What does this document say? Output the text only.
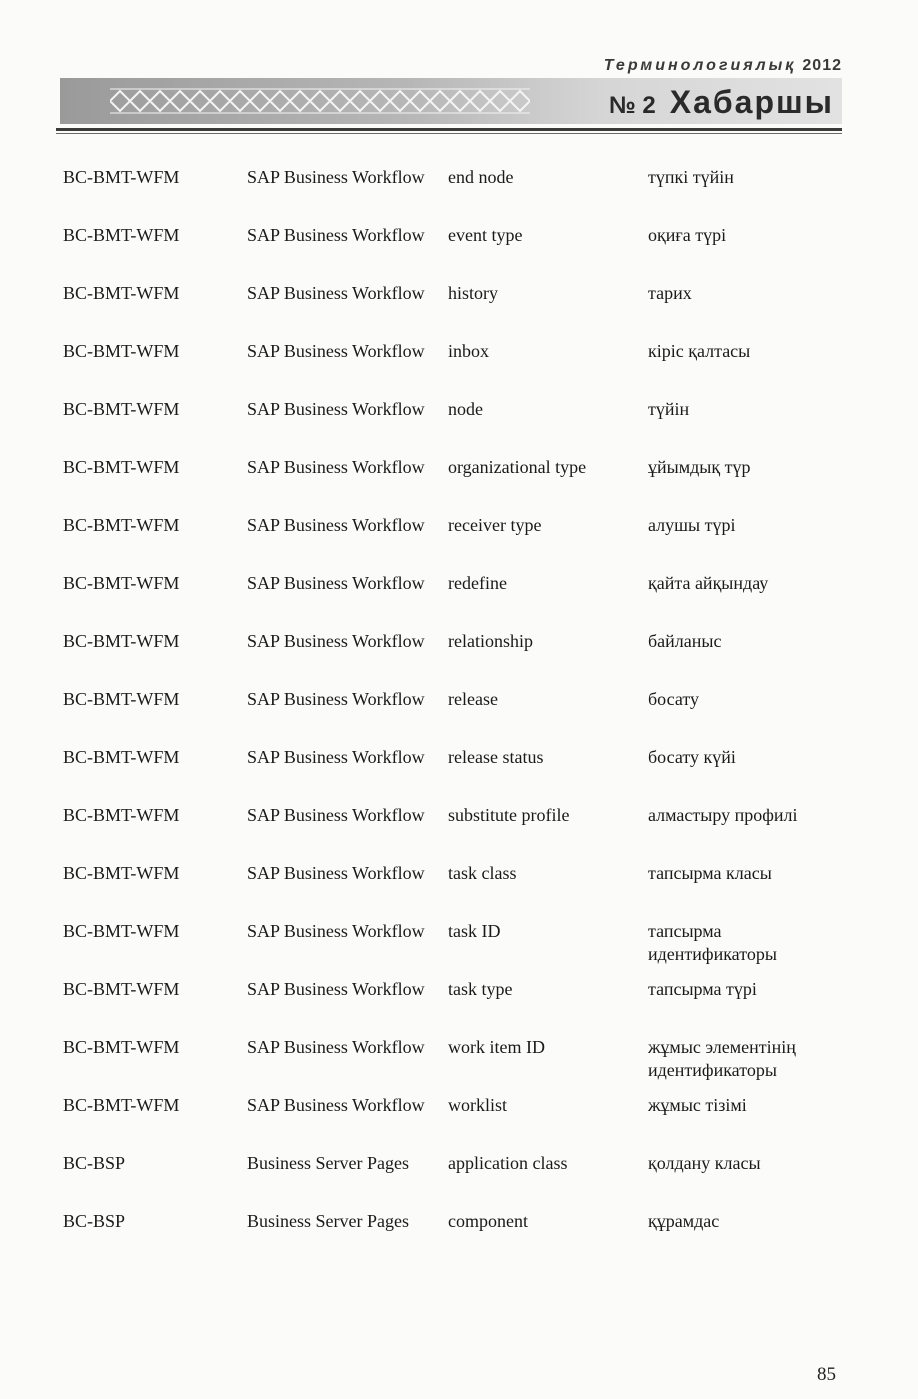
Терминологиялық 2012
№ 2 Хабаршы
BC-BMT-WFM	SAP Business Workflow	end node	түпкі түйін
BC-BMT-WFM	SAP Business Workflow	event type	оқиға түрі
BC-BMT-WFM	SAP Business Workflow	history	тарих
BC-BMT-WFM	SAP Business Workflow	inbox	кіріс қалтасы
BC-BMT-WFM	SAP Business Workflow	node	түйін
BC-BMT-WFM	SAP Business Workflow	organizational type	ұйымдық түр
BC-BMT-WFM	SAP Business Workflow	receiver type	алушы түрі
BC-BMT-WFM	SAP Business Workflow	redefine	қайта айқындау
BC-BMT-WFM	SAP Business Workflow	relationship	байланыс
BC-BMT-WFM	SAP Business Workflow	release	босату
BC-BMT-WFM	SAP Business Workflow	release status	босату күйі
BC-BMT-WFM	SAP Business Workflow	substitute profile	алмастыру профилі
BC-BMT-WFM	SAP Business Workflow	task class	тапсырма класы
BC-BMT-WFM	SAP Business Workflow	task ID	тапсырма идентификаторы
BC-BMT-WFM	SAP Business Workflow	task type	тапсырма түрі
BC-BMT-WFM	SAP Business Workflow	work item ID	жұмыс элементінің идентификаторы
BC-BMT-WFM	SAP Business Workflow	worklist	жұмыс тізімі
BC-BSP	Business Server Pages	application class	қолдану класы
BC-BSP	Business Server Pages	component	құрамдас
85
